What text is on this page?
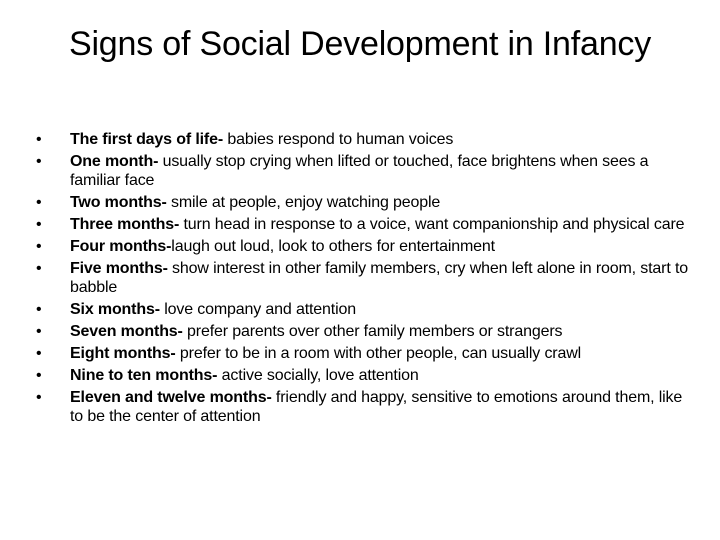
Signs of Social Development in Infancy
• The first days of life- babies respond to human voices
• One month- usually stop crying when lifted or touched, face brightens when sees a familiar face
• Two months- smile at people, enjoy watching people
• Three months- turn head in response to a voice, want companionship and physical care
• Four months-laugh out loud, look to others for entertainment
• Five months- show interest in other family members, cry when left alone in room, start to babble
• Six months- love company and attention
• Seven months- prefer parents over other family members or strangers
• Eight months- prefer to be in a room with other people, can usually crawl
• Nine to ten months- active socially, love attention
• Eleven and twelve months- friendly and happy, sensitive to emotions around them, like to be the center of attention
